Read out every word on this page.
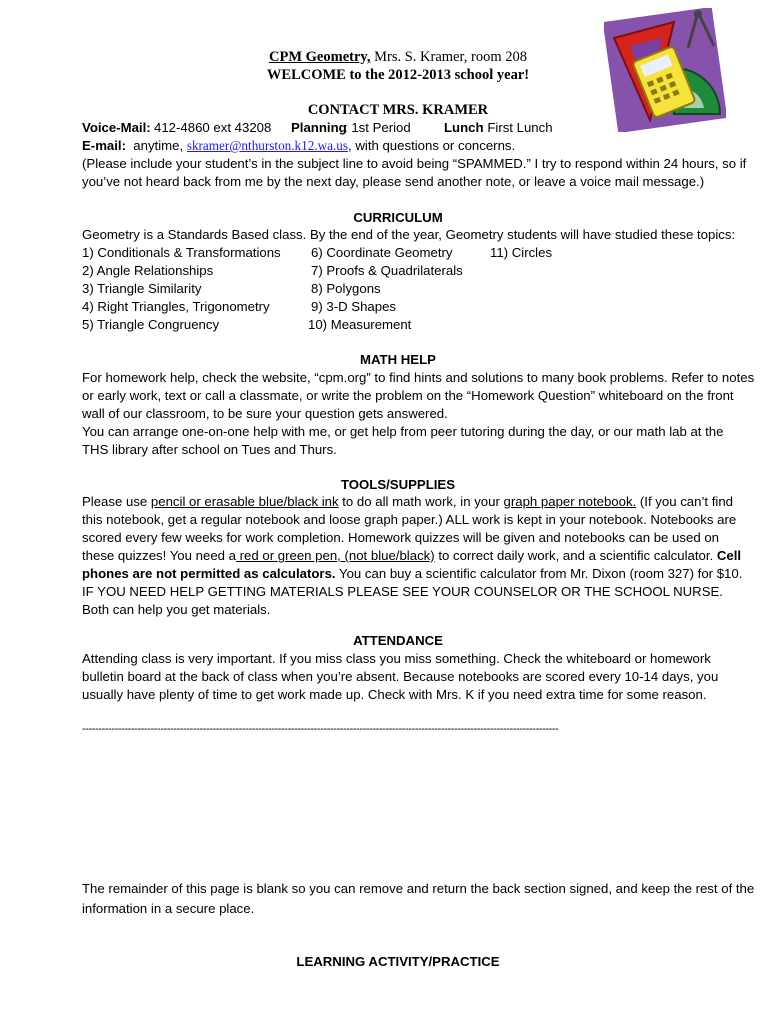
CPM Geometry, Mrs. S. Kramer, room 208
WELCOME to the 2012-2013 school year!
CONTACT MRS. KRAMER
Voice-Mail: 412-4860 ext 43208 Planning
: 1st Period	Lunch
: First Lunch
E-mail: anytime, skramer@nthurston.k12.wa.us, with questions or concerns.
(Please include your student’s in the subject line to avoid being “SPAMMED.” I try to respond within 24 hours, so if
you’ve not heard back from me by the next day, please send another note, or leave a voice mail message.)
CURRICULUM
Geometry is a Standards Based class. By the end of the year, Geometry students will have studied these topics:
1) Conditionals & Transformations
2) Angle Relationships
3) Triangle Similarity
4) Right Triangles, Trigonometry
5) Triangle Congruency
6) Coordinate Geometry
7) Proofs & Quadrilaterals
8) Polygons
9) 3-D Shapes
10) Measurement
11) Circles
MATH HELP
For homework help, check the website, “cpm.org” to find hints and solutions to many book problems. Refer to notes
or early work, text or call a classmate, or write the problem on the “Homework Question” whiteboard on the front
wall of our classroom, to be sure your question gets answered.
You can arrange one-on-one help with me, or get help from peer tutoring during the day, or our math lab at the
THS library after school on Tues and Thurs.
TOOLS/SUPPLIES
Please use pencil or erasable blue/black ink to do all math work, in your graph paper notebook. (If you can’t find
this notebook, get a regular notebook and loose graph paper.) ALL work is kept in your notebook. Notebooks are
scored every few weeks for work completion. Homework quizzes will be given and notebooks can be used on
these quizzes! You need a red or green pen, (not blue/black) to correct daily work, and a scientific calculator. Cell
phones are not permitted as calculators. You can buy a scientific calculator from Mr. Dixon (room 327) for $10.
IF YOU NEED HELP GETTING MATERIALS PLEASE SEE YOUR COUNSELOR OR THE SCHOOL NURSE.
Both can help you get materials.
ATTENDANCE
Attending class is very important. If you miss class you miss something. Check the whiteboard or homework
bulletin board at the back of class when you’re absent. Because notebooks are scored every 10-14 days, you
usually have plenty of time to get work made up. Check with Mrs. K if you need extra time for some reason.
--------------------------------------------------------------------------------------------------------------------------------------------------
The remainder of this page is blank so you can remove and return the back section signed, and keep the rest of the
information in a secure place.
LEARNING ACTIVITY/PRACTICE
